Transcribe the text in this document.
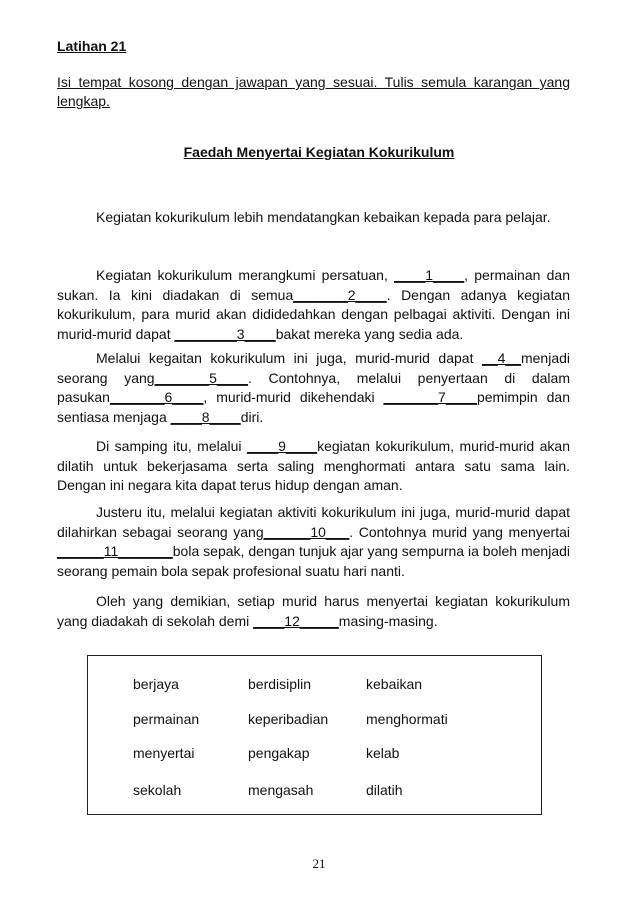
Latihan 21
Isi tempat kosong dengan jawapan yang sesuai. Tulis semula karangan yang lengkap.
Faedah Menyertai Kegiatan Kokurikulum
Kegiatan kokurikulum lebih mendatangkan kebaikan kepada para pelajar.
Kegiatan kokurikulum merangkumi persatuan, ____1____, permainan dan sukan. Ia kini diadakan di semua_______2____. Dengan adanya kegiatan kokurikulum, para murid akan dididedahkan dengan pelbagai aktiviti. Dengan ini murid-murid dapat ________3____bakat mereka yang sedia ada.
Melalui kegaitan kokurikulum ini juga, murid-murid dapat __4__menjadi seorang yang_______5____. Contohnya, melalui penyertaan di dalam pasukan_______6____, murid-murid dikehendaki _______7____pemimpin dan sentiasa menjaga ____8____diri.
Di samping itu, melalui ____9____kegiatan kokurikulum, murid-murid akan dilatih untuk bekerjasama serta saling menghormati antara satu sama lain. Dengan ini negara kita dapat terus hidup dengan aman.
Justeru itu, melalui kegiatan aktiviti kokurikulum ini juga, murid-murid dapat dilahirkan sebagai seorang yang______10___. Contohnya murid yang menyertai ______11_______bola sepak, dengan tunjuk ajar yang sempurna ia boleh menjadi seorang pemain bola sepak profesional suatu hari nanti.
Oleh yang demikian, setiap murid harus menyertai kegiatan kokurikulum yang diadakah di sekolah demi ____12_____masing-masing.
berjaya	berdisiplin	kebaikan
permainan	keperibadian	menghormati
menyertai	pengakap	kelab
sekolah	mengasah	dilatih
21
